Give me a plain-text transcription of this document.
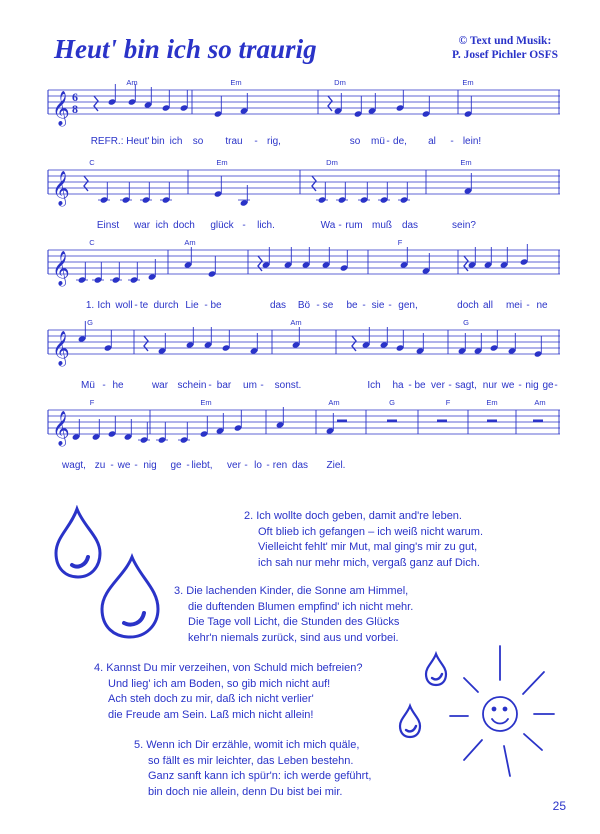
Heut' bin ich so traurig	© Text und Musik:
P. Josef Pichler OSFS
𝄞 6
8
Am	Em	Dm	Em
REFR.: Heut' bin ich so trau - rig,	so mü - de, al - lein!
𝄞
C	Em	Dm	Em
Einst war ich doch glück - lich.	Wa - rum muß das	sein?
𝄞
C	Am	F
1. Ich woll - te durch Lie - be	das Bö - se be - sie - gen,	doch all mei - ne
𝄞
G	Am	G
Mü - he	war schein - bar um - sonst.	Ich ha - be ver - sagt, nur we - nig ge -
𝄞
F	Em	Am	G	F	Em	Am
wagt, zu - we - nig ge - liebt, ver - lo - ren das Ziel.
2. Ich wollte doch geben, damit and're leben.
Oft blieb ich gefangen – ich weiß nicht warum.
Vielleicht fehlt' mir Mut, mal ging's mir zu gut,
ich sah nur mehr mich, vergaß ganz auf Dich.
3. Die lachenden Kinder, die Sonne am Himmel,
die duftenden Blumen empfind' ich nicht mehr.
Die Tage voll Licht, die Stunden des Glücks
kehr'n niemals zurück, sind aus und vorbei.
4. Kannst Du mir verzeihen, von Schuld mich befreien?
Und lieg' ich am Boden, so gib mich nicht auf!
Ach steh doch zu mir, daß ich nicht verlier'
die Freude am Sein. Laß mich nicht allein!
5. Wenn ich Dir erzähle, womit ich mich quäle,
so fällt es mir leichter, das Leben bestehn.
Ganz sanft kann ich spür'n: ich werde geführt,
bin doch nie allein, denn Du bist bei mir.
25
